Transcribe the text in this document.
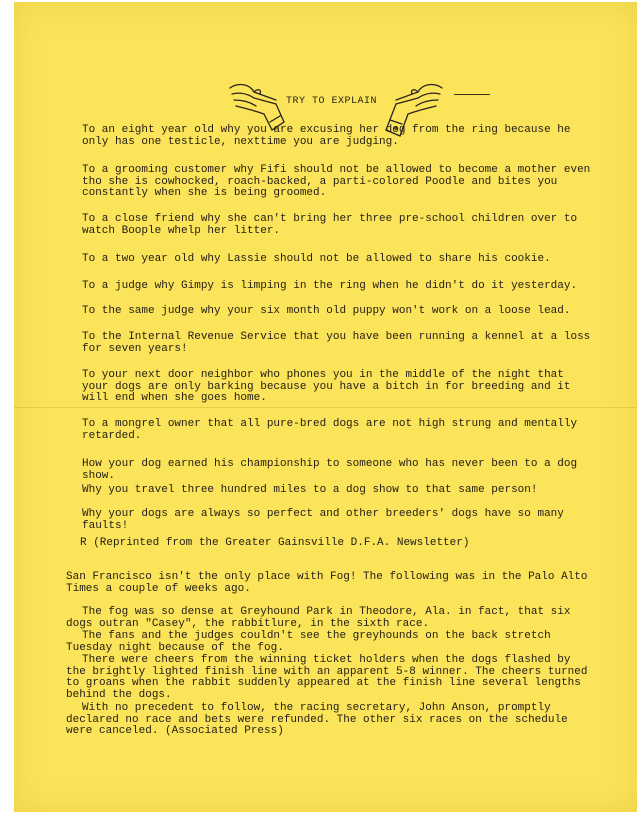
TRY TO EXPLAIN

To an eight year old why you are excusing her dog from the ring because he only has one testicle, nexttime you are judging.

To a grooming customer why Fifi should not be allowed to become a mother even tho she is cowhocked, roach-backed, a parti-colored Poodle and bites you constantly when she is being groomed.

To a close friend why she can't bring her three pre-school children over to watch Boople whelp her litter.

To a two year old why Lassie should not be allowed to share his cookie.

To a judge why Gimpy is limping in the ring when he didn't do it yesterday.

To the same judge why your six month old puppy won't work on a loose lead.

To the Internal Revenue Service that you have been running a kennel at a loss for seven years!

To your next door neighbor who phones you in the middle of the night that your dogs are only barking because you have a bitch in for breeding and it will end when she goes home.

To a mongrel owner that all pure-bred dogs are not high strung and mentally retarded.

How your dog earned his championship to someone who has never been to a dog show.

Why you travel three hundred miles to a dog show to that same person!

Why your dogs are always so perfect and other breeders' dogs have so many faults!

R (Reprinted from the Greater Gainsville D.F.A. Newsletter)

San Francisco isn't the only place with Fog! The following was in the Palo Alto Times a couple of weeks ago.

The fog was so dense at Greyhound Park in Theodore, Ala. in fact, that six dogs outran "Casey", the rabbitlure, in the sixth race.

The fans and the judges couldn't see the greyhounds on the back stretch Tuesday night because of the fog.

There were cheers from the winning ticket holders when the dogs flashed by the brightly lighted finish line with an apparent 5-8 winner. The cheers turned to groans when the rabbit suddenly appeared at the finish line several lengths behind the dogs.

With no precedent to follow, the racing secretary, John Anson, promptly declared no race and bets were refunded. The other six races on the schedule were canceled. (Associated Press)
